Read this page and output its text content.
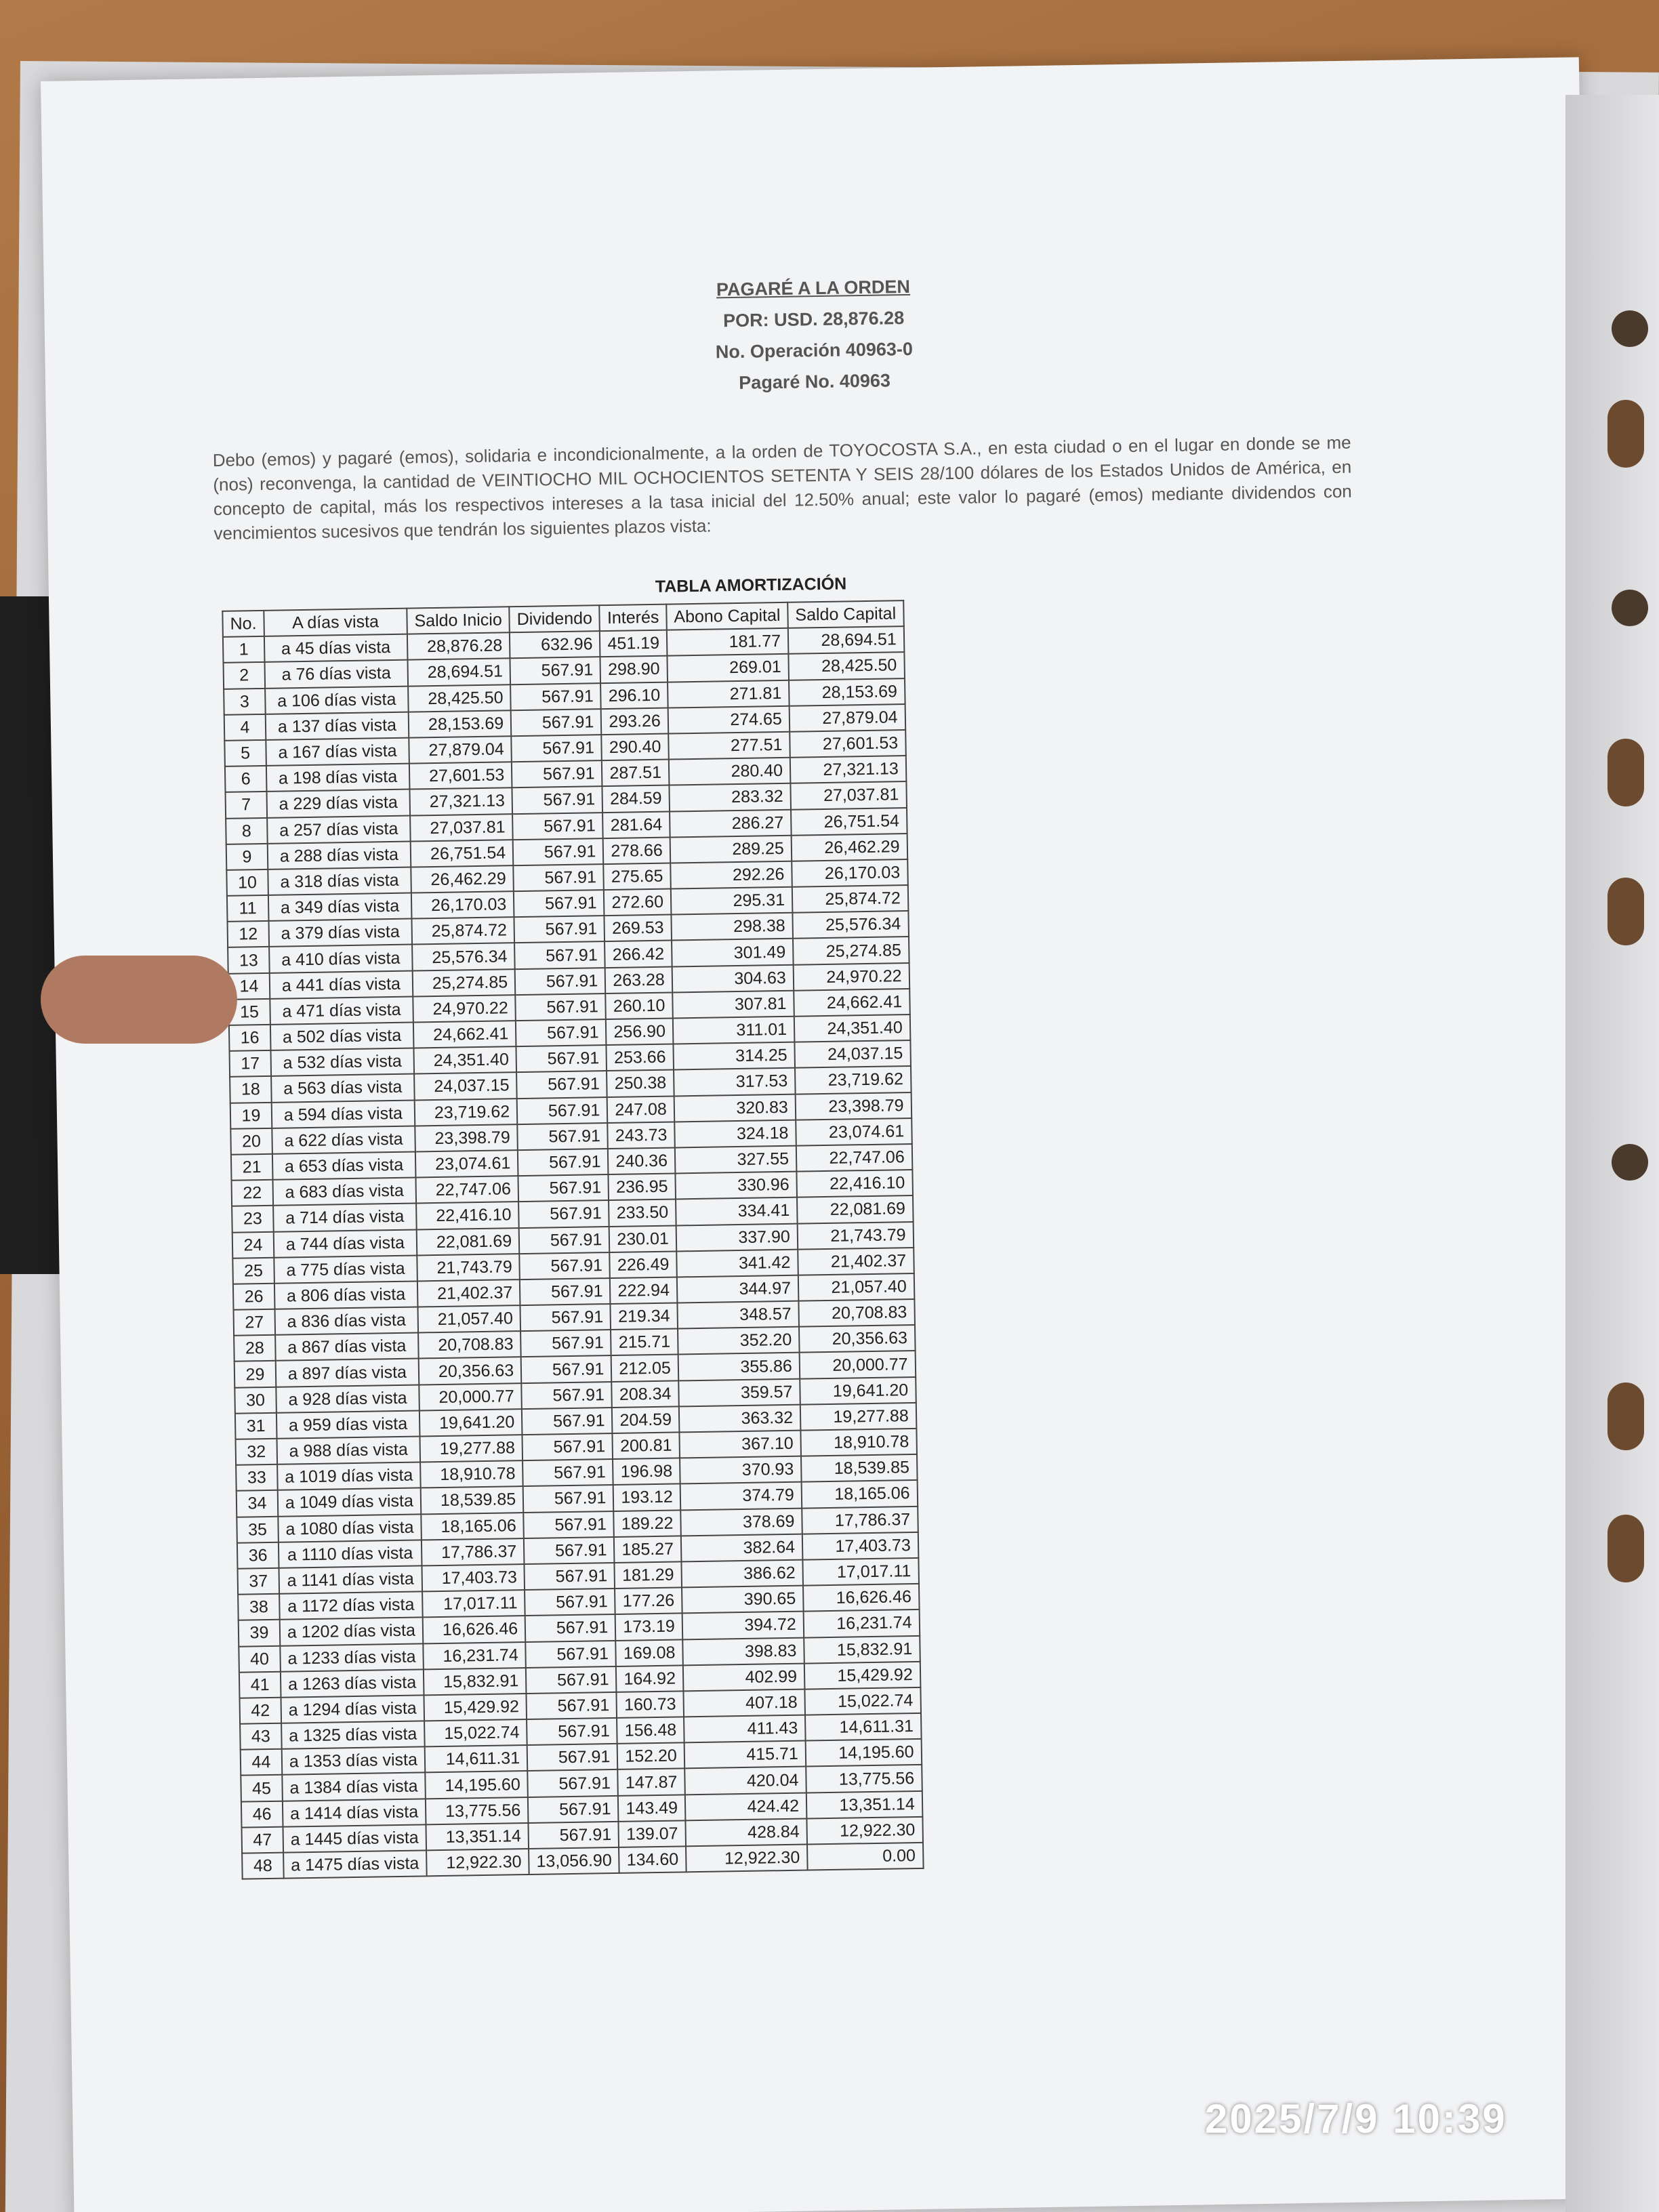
PAGARÉ A LA ORDEN
POR: USD. 28,876.28
No. Operación 40963-0
Pagaré No. 40963
Debo (emos) y pagaré (emos), solidaria e incondicionalmente, a la orden de TOYOCOSTA S.A., en esta ciudad o en el lugar en donde se me (nos) reconvenga, la cantidad de VEINTIOCHO MIL OCHOCIENTOS SETENTA Y SEIS 28/100 dólares de los Estados Unidos de América, en concepto de capital, más los respectivos intereses a la tasa inicial del 12.50% anual; este valor lo pagaré (emos) mediante dividendos con vencimientos sucesivos que tendrán los siguientes plazos vista:
TABLA AMORTIZACIÓN
No.	A días vista	Saldo Inicio	Dividendo	Interés	Abono Capital	Saldo Capital
1	a 45 días vista	28,876.28	632.96	451.19	181.77	28,694.51
2	a 76 días vista	28,694.51	567.91	298.90	269.01	28,425.50
3	a 106 días vista	28,425.50	567.91	296.10	271.81	28,153.69
4	a 137 días vista	28,153.69	567.91	293.26	274.65	27,879.04
5	a 167 días vista	27,879.04	567.91	290.40	277.51	27,601.53
6	a 198 días vista	27,601.53	567.91	287.51	280.40	27,321.13
7	a 229 días vista	27,321.13	567.91	284.59	283.32	27,037.81
8	a 257 días vista	27,037.81	567.91	281.64	286.27	26,751.54
9	a 288 días vista	26,751.54	567.91	278.66	289.25	26,462.29
10	a 318 días vista	26,462.29	567.91	275.65	292.26	26,170.03
11	a 349 días vista	26,170.03	567.91	272.60	295.31	25,874.72
12	a 379 días vista	25,874.72	567.91	269.53	298.38	25,576.34
13	a 410 días vista	25,576.34	567.91	266.42	301.49	25,274.85
14	a 441 días vista	25,274.85	567.91	263.28	304.63	24,970.22
15	a 471 días vista	24,970.22	567.91	260.10	307.81	24,662.41
16	a 502 días vista	24,662.41	567.91	256.90	311.01	24,351.40
17	a 532 días vista	24,351.40	567.91	253.66	314.25	24,037.15
18	a 563 días vista	24,037.15	567.91	250.38	317.53	23,719.62
19	a 594 días vista	23,719.62	567.91	247.08	320.83	23,398.79
20	a 622 días vista	23,398.79	567.91	243.73	324.18	23,074.61
21	a 653 días vista	23,074.61	567.91	240.36	327.55	22,747.06
22	a 683 días vista	22,747.06	567.91	236.95	330.96	22,416.10
23	a 714 días vista	22,416.10	567.91	233.50	334.41	22,081.69
24	a 744 días vista	22,081.69	567.91	230.01	337.90	21,743.79
25	a 775 días vista	21,743.79	567.91	226.49	341.42	21,402.37
26	a 806 días vista	21,402.37	567.91	222.94	344.97	21,057.40
27	a 836 días vista	21,057.40	567.91	219.34	348.57	20,708.83
28	a 867 días vista	20,708.83	567.91	215.71	352.20	20,356.63
29	a 897 días vista	20,356.63	567.91	212.05	355.86	20,000.77
30	a 928 días vista	20,000.77	567.91	208.34	359.57	19,641.20
31	a 959 días vista	19,641.20	567.91	204.59	363.32	19,277.88
32	a 988 días vista	19,277.88	567.91	200.81	367.10	18,910.78
33	a 1019 días vista	18,910.78	567.91	196.98	370.93	18,539.85
34	a 1049 días vista	18,539.85	567.91	193.12	374.79	18,165.06
35	a 1080 días vista	18,165.06	567.91	189.22	378.69	17,786.37
36	a 1110 días vista	17,786.37	567.91	185.27	382.64	17,403.73
37	a 1141 días vista	17,403.73	567.91	181.29	386.62	17,017.11
38	a 1172 días vista	17,017.11	567.91	177.26	390.65	16,626.46
39	a 1202 días vista	16,626.46	567.91	173.19	394.72	16,231.74
40	a 1233 días vista	16,231.74	567.91	169.08	398.83	15,832.91
41	a 1263 días vista	15,832.91	567.91	164.92	402.99	15,429.92
42	a 1294 días vista	15,429.92	567.91	160.73	407.18	15,022.74
43	a 1325 días vista	15,022.74	567.91	156.48	411.43	14,611.31
44	a 1353 días vista	14,611.31	567.91	152.20	415.71	14,195.60
45	a 1384 días vista	14,195.60	567.91	147.87	420.04	13,775.56
46	a 1414 días vista	13,775.56	567.91	143.49	424.42	13,351.14
47	a 1445 días vista	13,351.14	567.91	139.07	428.84	12,922.30
48	a 1475 días vista	12,922.30	13,056.90	134.60	12,922.30	0.00
2025/7/9 10:39
